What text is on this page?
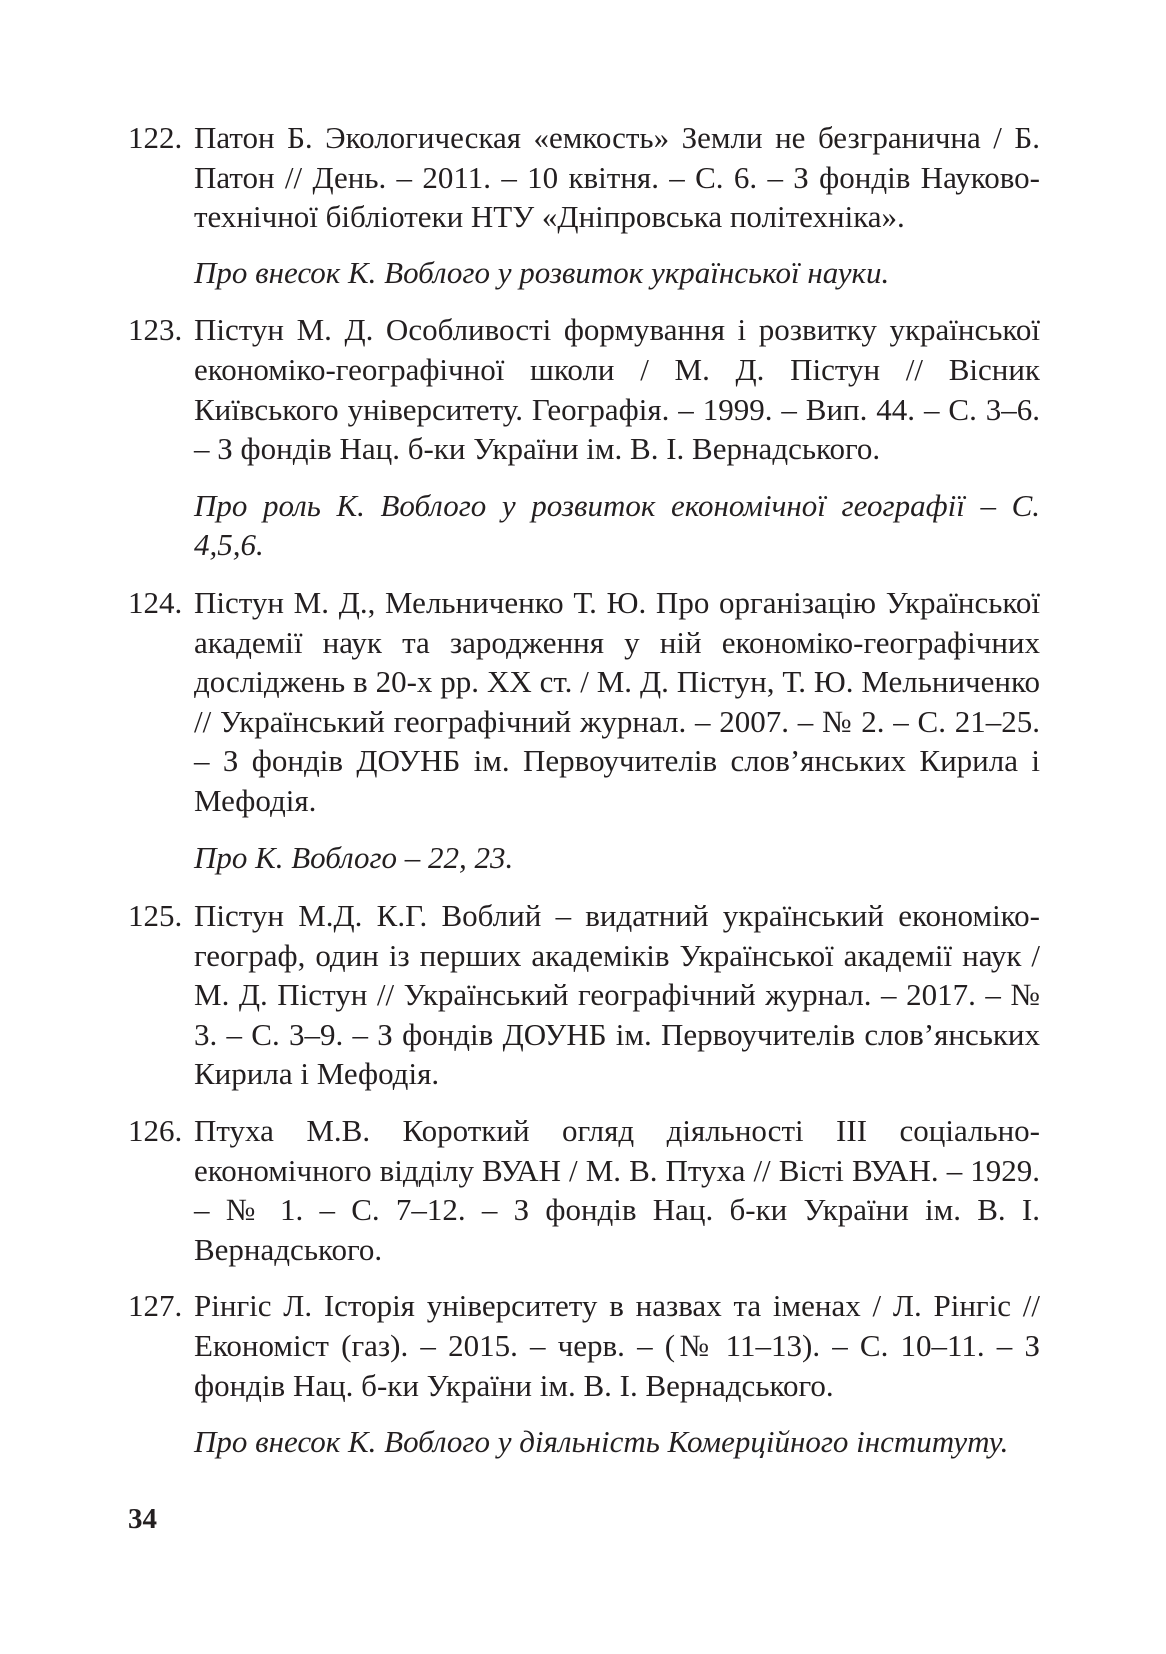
122. Патон Б. Экологическая «емкость» Земли не безгранична / Б. Патон // День. – 2011. – 10 квітня. – С. 6. – З фондів Науково-технічної бібліотеки НТУ «Дніпровська політехніка».
Про внесок К. Воблого у розвиток української науки.
123. Пістун М. Д. Особливості формування і розвитку української економіко-географічної школи / М. Д. Пістун // Вісник Київського університету. Географія. – 1999. – Вип. 44. – С. 3–6. – З фондів Нац. б-ки України ім. В. І. Вернадського.
Про роль К. Воблого у розвиток економічної географії – С. 4,5,6.
124. Пістун М. Д., Мельниченко Т. Ю. Про організацію Української академії наук та зародження у ній економіко-географічних досліджень в 20-х рр. ХХ ст. / М. Д. Пістун, Т. Ю. Мельниченко // Український географічний журнал. – 2007. – № 2. – С. 21–25. – З фондів ДОУНБ ім. Первоучителів слов’янських Кирила і Мефодія.
Про К. Воблого – 22, 23.
125. Пістун М.Д. К.Г. Воблий – видатний український економіко-географ, один із перших академіків Української академії наук / М. Д. Пістун // Український географічний журнал. – 2017. – № 3. – С. 3–9. – З фондів ДОУНБ ім. Первоучителів слов’янських Кирила і Мефодія.
126. Птуха М.В. Короткий огляд діяльності ІІІ соціально-економічного відділу ВУАН / М. В. Птуха // Вісті ВУАН. – 1929. – № 1. – С. 7–12. – З фондів Нац. б-ки України ім. В. І. Вернадського.
127. Рінгіс Л. Історія університету в назвах та іменах / Л. Рінгіс // Економіст (газ). – 2015. – черв. – (№ 11–13). – С. 10–11. – З фондів Нац. б-ки України ім. В. І. Вернадського.
Про внесок К. Воблого у діяльність Комерційного інституту.
34
